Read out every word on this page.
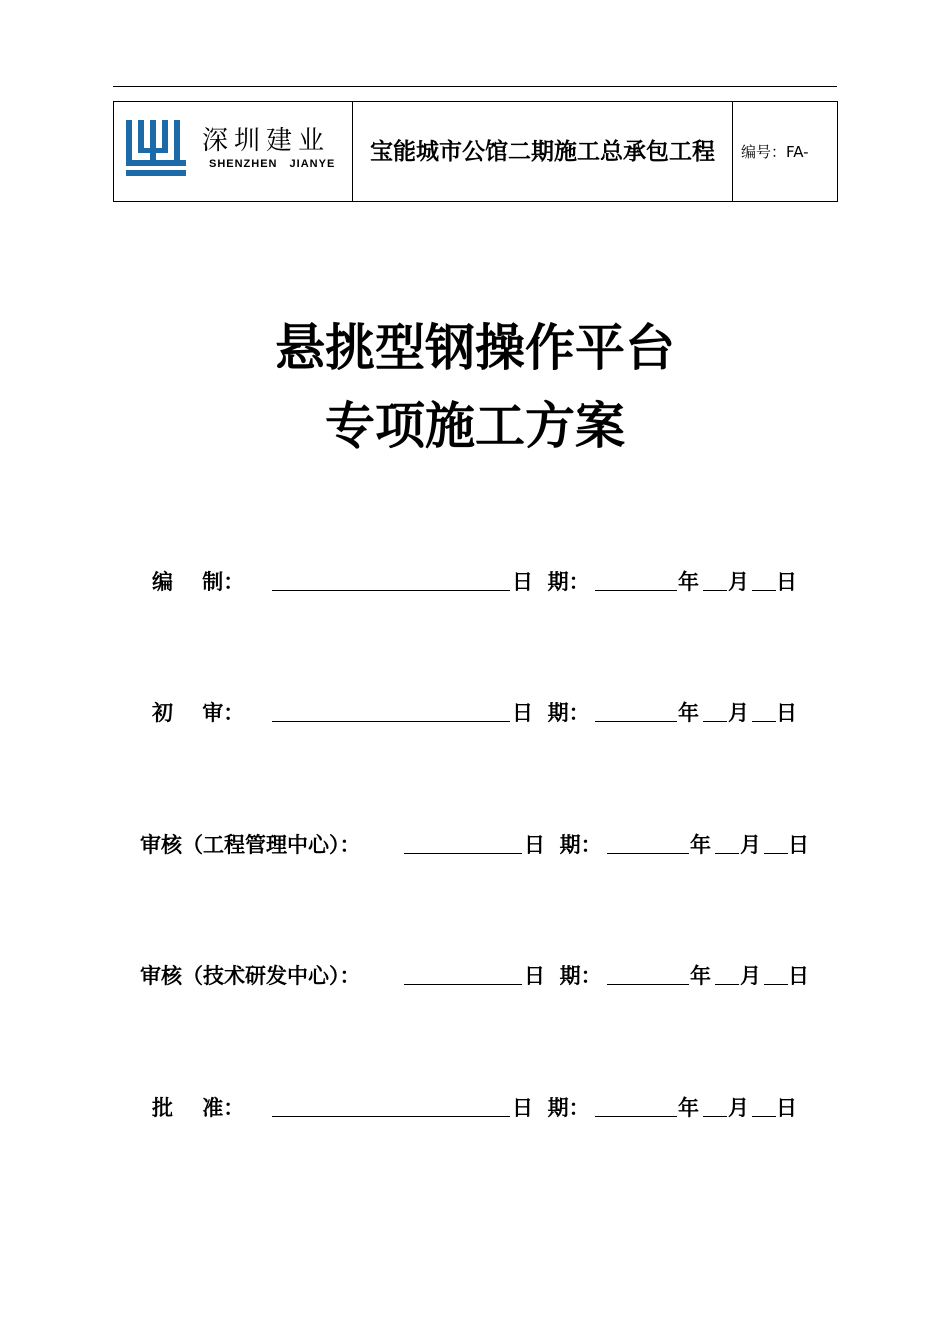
深圳建业
SHENZHEN JIANYE 宝能城市公馆二期施工总承包工程 编号：FA-
悬挑型钢操作平台
专项施工方案
编    制：	日  期：	年 月 日
初    审：	日  期：	年 月 日
审核（工程管理中心）：	日  期：	年 月 日
审核（技术研发中心）：	日  期：	年 月 日
批    准：	日  期：	年 月 日
